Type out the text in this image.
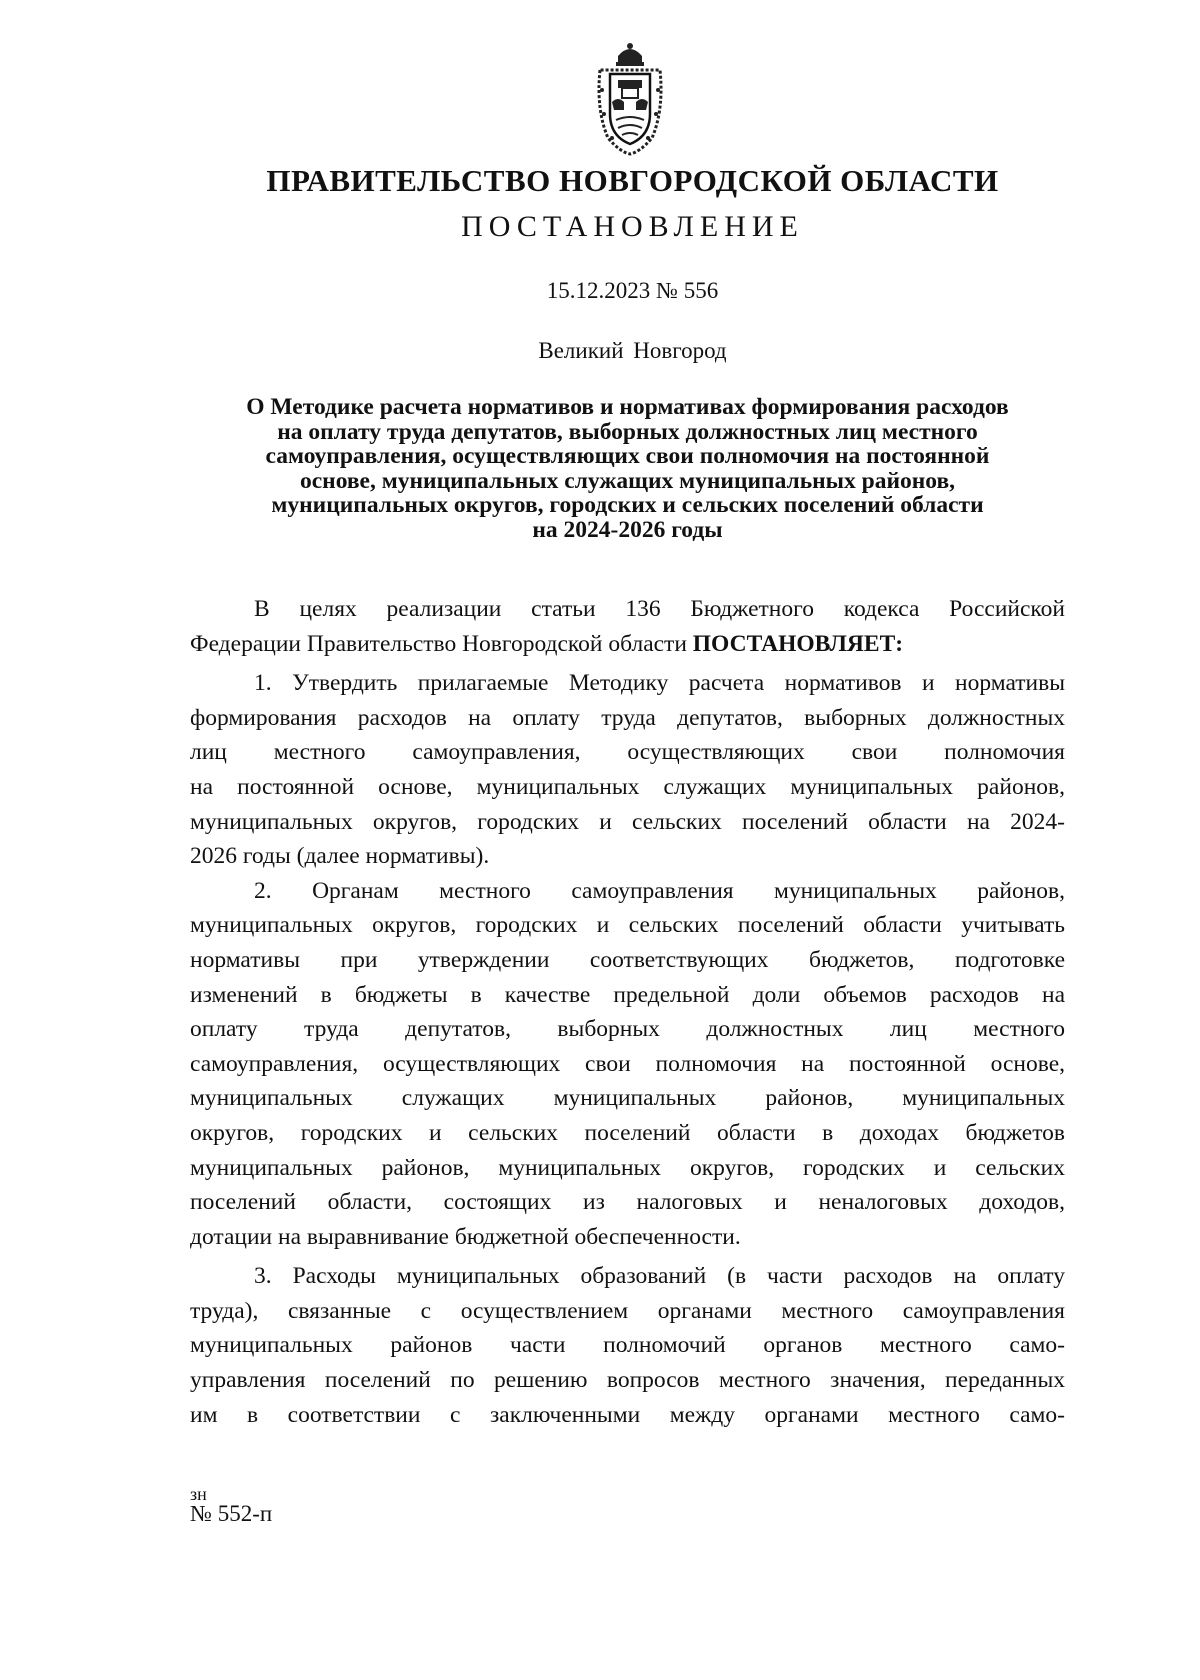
ПРАВИТЕЛЬСТВО НОВГОРОДСКОЙ ОБЛАСТИ
ПОСТАНОВЛЕНИЕ
15.12.2023 № 556
Великий Новгород
О Методике расчета нормативов и нормативах формирования расходов
на оплату труда депутатов, выборных должностных лиц местного
самоуправления, осуществляющих свои полномочия на постоянной
основе, муниципальных служащих муниципальных районов,
муниципальных округов, городских и сельских поселений области
на 2024-2026 годы
В целях реализации статьи 136 Бюджетного кодекса Российской
Федерации Правительство Новгородской области ПОСТАНОВЛЯЕТ:
1. Утвердить прилагаемые Методику расчета нормативов и нормативы
формирования расходов на оплату труда депутатов, выборных должностных
лиц местного самоуправления, осуществляющих свои полномочия
на постоянной основе, муниципальных служащих муниципальных районов,
муниципальных округов, городских и сельских поселений области на 2024-
2026 годы (далее нормативы).
2. Органам местного самоуправления муниципальных районов,
муниципальных округов, городских и сельских поселений области учитывать
нормативы при утверждении соответствующих бюджетов, подготовке
изменений в бюджеты в качестве предельной доли объемов расходов на
оплату труда депутатов, выборных должностных лиц местного
самоуправления, осуществляющих свои полномочия на постоянной основе,
муниципальных служащих муниципальных районов, муниципальных
округов, городских и сельских поселений области в доходах бюджетов
муниципальных районов, муниципальных округов, городских и сельских
поселений области, состоящих из налоговых и неналоговых доходов,
дотации на выравнивание бюджетной обеспеченности.
3. Расходы муниципальных образований (в части расходов на оплату
труда), связанные с осуществлением органами местного самоуправления
муниципальных районов части полномочий органов местного само-
управления поселений по решению вопросов местного значения, переданных
им в соответствии с заключенными между органами местного само-
зн
№ 552-п
